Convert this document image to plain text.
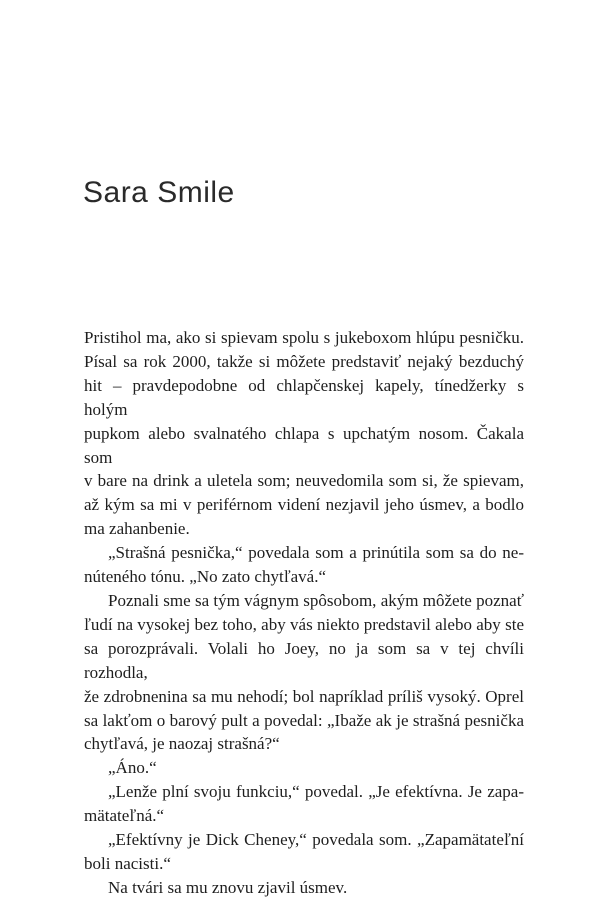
Sara Smile
Pristihol ma, ako si spievam spolu s jukeboxom hlúpu pesničku.
Písal sa rok 2000, takže si môžete predstaviť nejaký bezduchý
hit – pravdepodobne od chlapčenskej kapely, tínedžerky s holým
pupkom alebo svalnatého chlapa s upchatým nosom. Čakala som
v bare na drink a uletela som; neuvedomila som si, že spievam,
až kým sa mi v periférnom videní nezjavil jeho úsmev, a bodlo
ma zahanbenie.
„Strašná pesnička,“ povedala som a prinútila som sa do ne-
núteného tónu. „No zato chytľavá.“
Poznali sme sa tým vágnym spôsobom, akým môžete poznať
ľudí na vysokej bez toho, aby vás niekto predstavil alebo aby ste
sa porozprávali. Volali ho Joey, no ja som sa v tej chvíli rozhodla,
že zdrobnenina sa mu nehodí; bol napríklad príliš vysoký. Oprel
sa lakťom o barový pult a povedal: „Ibaže ak je strašná pesnička
chytľavá, je naozaj strašná?“
„Áno.“
„Lenže plní svoju funkciu,“ povedal. „Je efektívna. Je zapa-
mätateľná.“
„Efektívny je Dick Cheney,“ povedala som. „Zapamätateľní
boli nacisti.“
Na tvári sa mu znovu zjavil úsmev.
